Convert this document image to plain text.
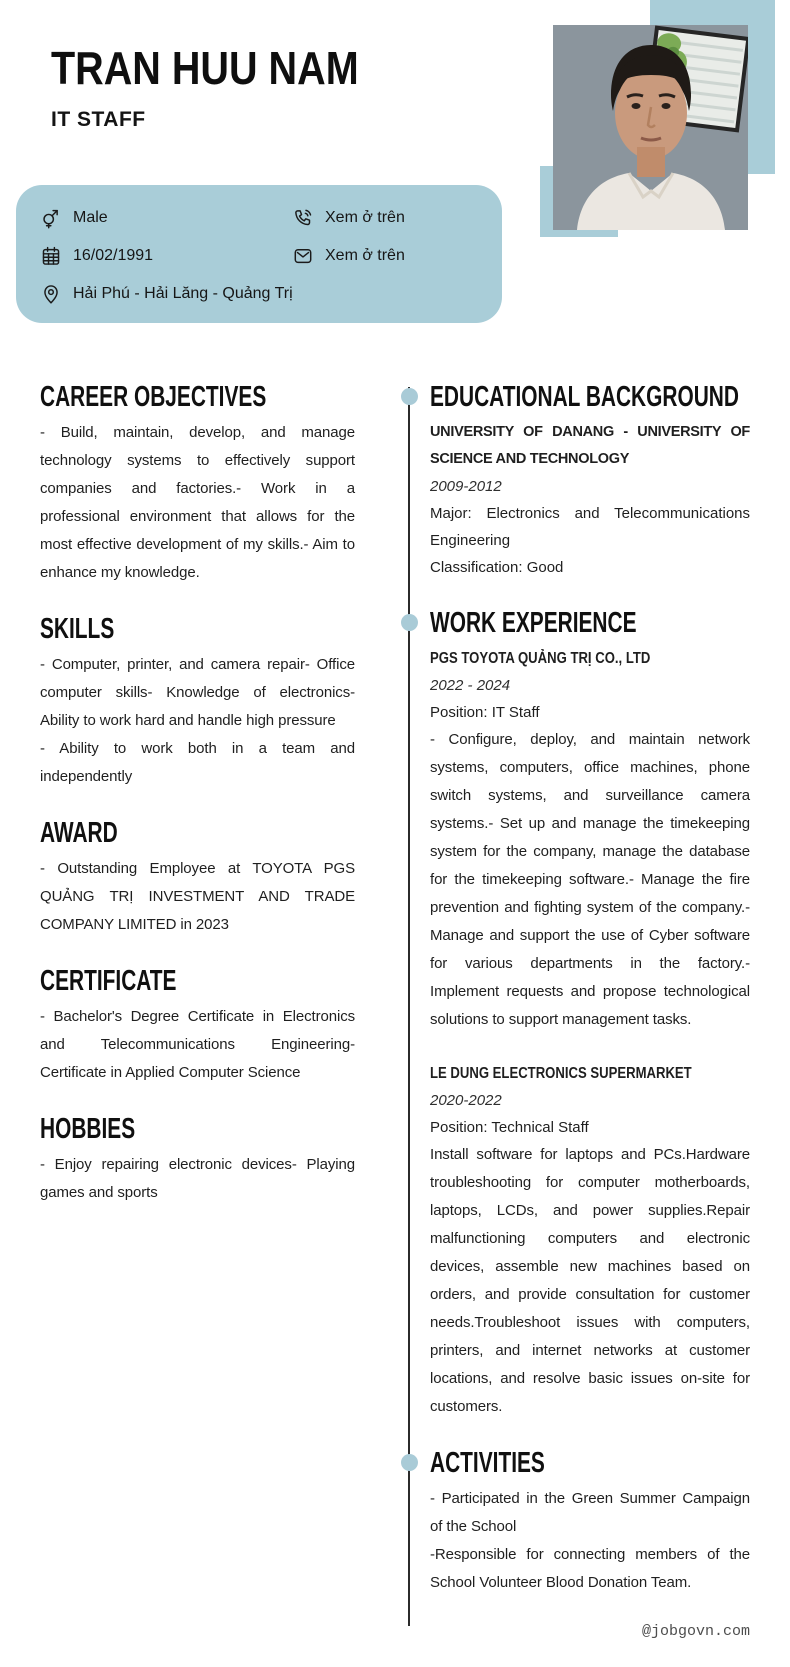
TRAN HUU NAM
IT STAFF
Male	Xem ở trên
16/02/1991	Xem ở trên
Hải Phú - Hải Lăng - Quảng Trị
CAREER OBJECTIVES

- Build, maintain, develop, and manage technology systems to effectively support companies and factories.- Work in a professional environment that allows for the most effective development of my skills.- Aim to enhance my knowledge.

SKILLS

- Computer, printer, and camera repair- Office computer skills- Knowledge of electronics- Ability to work hard and handle high pressure

- Ability to work both in a team and independently

AWARD

- Outstanding Employee at TOYOTA PGS QUẢNG TRỊ INVESTMENT AND TRADE COMPANY LIMITED in 2023

CERTIFICATE

- Bachelor's Degree Certificate in Electronics and Telecommunications Engineering- Certificate in Applied Computer Science

HOBBIES

- Enjoy repairing electronic devices- Playing games and sports

EDUCATIONAL BACKGROUND

UNIVERSITY OF DANANG - UNIVERSITY OF SCIENCE AND TECHNOLOGY

2009-2012

Major: Electronics and Telecommunications Engineering

Classification: Good

WORK EXPERIENCE

PGS TOYOTA QUẢNG TRỊ CO., LTD

2022 - 2024

Position: IT Staff

- Configure, deploy, and maintain network systems, computers, office machines, phone switch systems, and surveillance camera systems.- Set up and manage the timekeeping system for the company, manage the database for the timekeeping software.- Manage the fire prevention and fighting system of the company.- Manage and support the use of Cyber software for various departments in the factory.- Implement requests and propose technological solutions to support management tasks.

LE DUNG ELECTRONICS SUPERMARKET

2020-2022

Position: Technical Staff

Install software for laptops and PCs.Hardware troubleshooting for computer motherboards, laptops, LCDs, and power supplies.Repair malfunctioning computers and electronic devices, assemble new machines based on orders, and provide consultation for customer needs.Troubleshoot issues with computers, printers, and internet networks at customer locations, and resolve basic issues on-site for customers.

ACTIVITIES

- Participated in the Green Summer Campaign of the School

-Responsible for connecting members of the School Volunteer Blood Donation Team.

@jobgovn.com
